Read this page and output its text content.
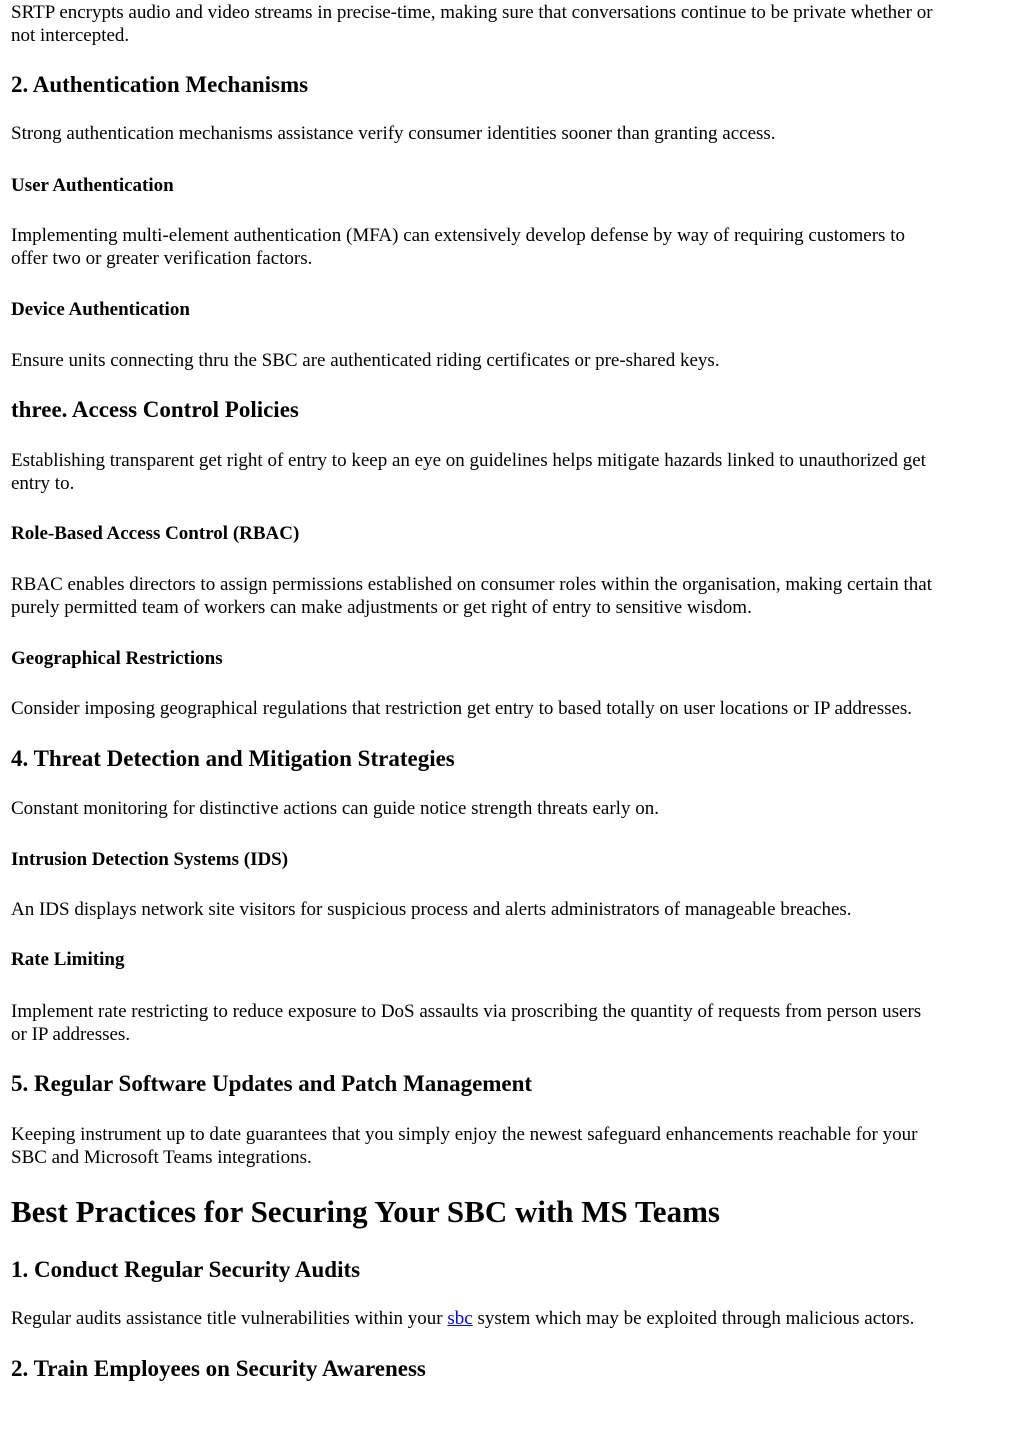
SRTP encrypts audio and video streams in precise-time, making sure that conversations continue to be private whether or

not intercepted.

2. Authentication Mechanisms

Strong authentication mechanisms assistance verify consumer identities sooner than granting access.

User Authentication

Implementing multi-element authentication (MFA) can extensively develop defense by way of requiring customers to

offer two or greater verification factors.

Device Authentication

Ensure units connecting thru the SBC are authenticated riding certificates or pre-shared keys.

three. Access Control Policies

Establishing transparent get right of entry to keep an eye on guidelines helps mitigate hazards linked to unauthorized get

entry to.

Role-Based Access Control (RBAC)

RBAC enables directors to assign permissions established on consumer roles within the organisation, making certain that

purely permitted team of workers can make adjustments or get right of entry to sensitive wisdom.

Geographical Restrictions

Consider imposing geographical regulations that restriction get entry to based totally on user locations or IP addresses.

4. Threat Detection and Mitigation Strategies

Constant monitoring for distinctive actions can guide notice strength threats early on.

Intrusion Detection Systems (IDS)

An IDS displays network site visitors for suspicious process and alerts administrators of manageable breaches.

Rate Limiting

Implement rate restricting to reduce exposure to DoS assaults via proscribing the quantity of requests from person users

or IP addresses.

5. Regular Software Updates and Patch Management

Keeping instrument up to date guarantees that you simply enjoy the newest safeguard enhancements reachable for your

SBC and Microsoft Teams integrations.

Best Practices for Securing Your SBC with MS Teams
1. Conduct Regular Security Audits

Regular audits assistance title vulnerabilities within your sbc system which may be exploited through malicious actors.

2. Train Employees on Security Awareness
